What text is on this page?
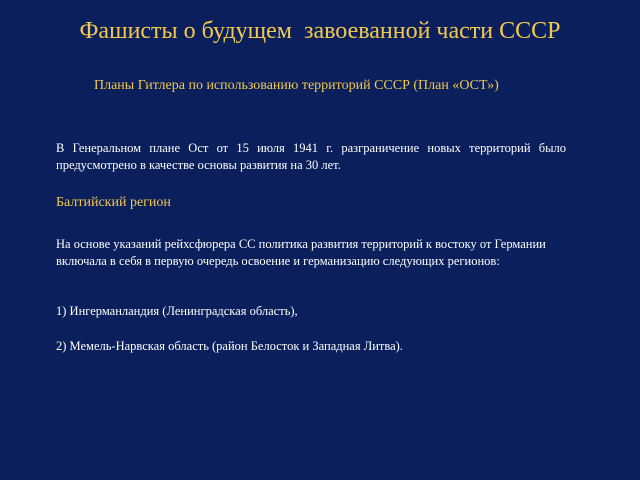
Фашисты о будущем  завоеванной части СССР
Планы Гитлера по использованию территорий СССР (План «ОСТ»)
В Генеральном плане Ост от 15 июля 1941 г. разграничение новых территорий было предусмотрено в качестве основы развития на 30 лет.
Балтийский регион
На основе указаний рейхсфюрера СС политика развития территорий к востоку от Германии включала в себя в первую очередь освоение и германизацию следующих регионов:
1) Ингерманландия (Ленинградская область),
2) Мемель-Нарвская область (район Белосток и Западная Литва).
